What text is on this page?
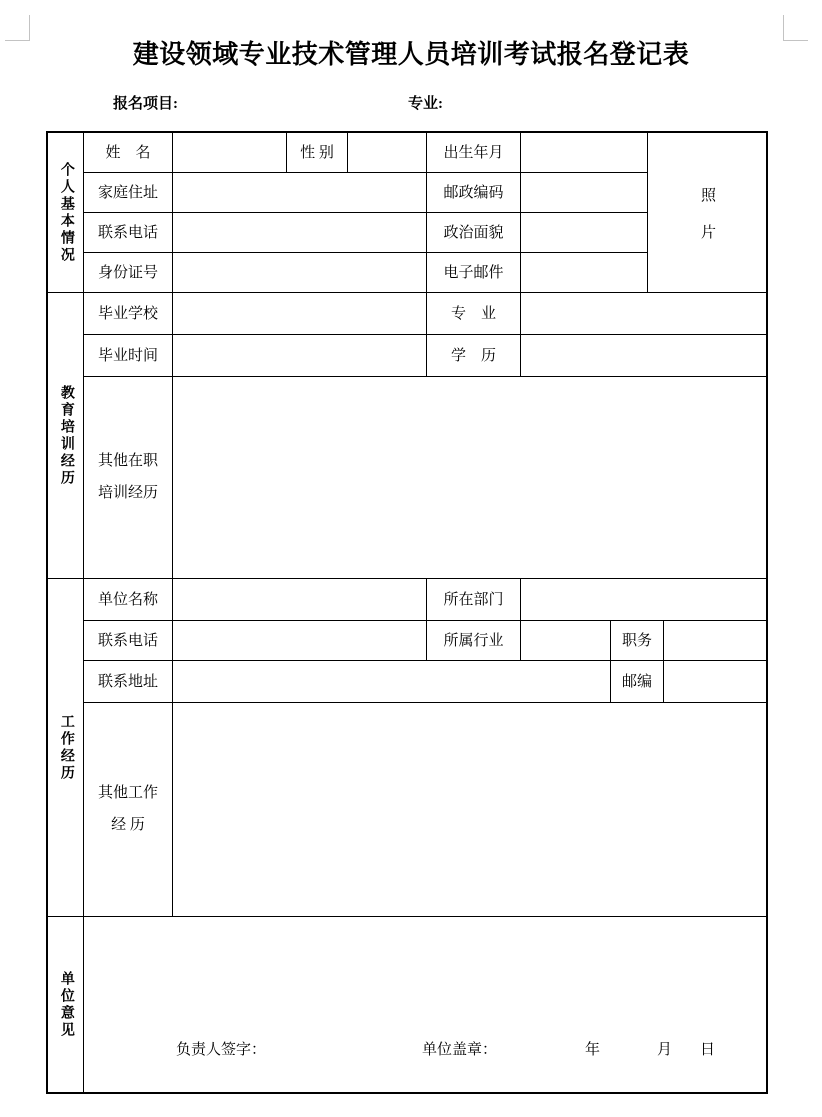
建设领域专业技术管理人员培训考试报名登记表
报名项目:	专业:
个人基本情况
姓　名	性 别	出生年月
照片
家庭住址	邮政编码
联系电话	政治面貌
身份证号	电子邮件
教育培训经历
毕业学校	专　业
毕业时间	学　历
其他在职
培训经历
工作经历
单位名称	所在部门
联系电话	所属行业	职务
联系地址	邮编
其他工作
经 历
单位意见
负责人签字：	单位盖章：	年	月 日
